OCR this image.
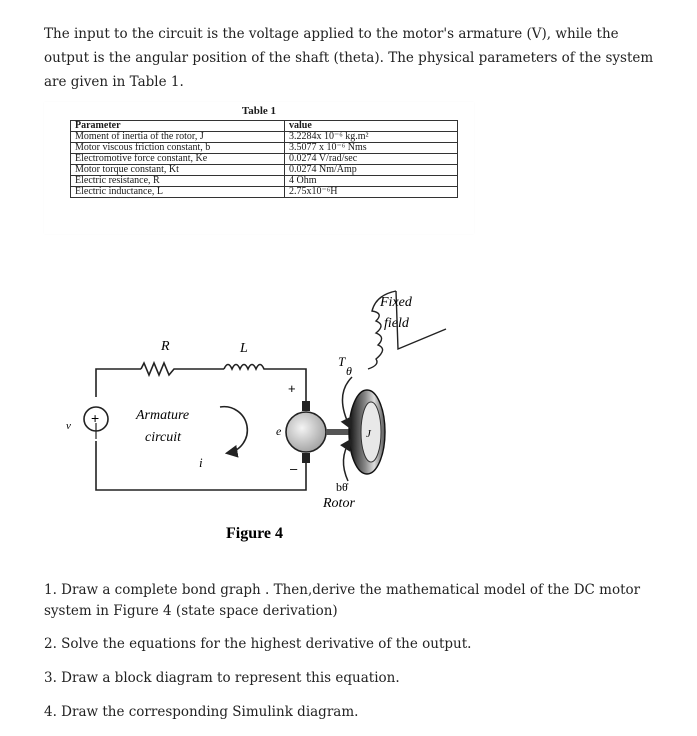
The input to the circuit is the voltage applied to the motor's armature (V), while the output is the angular position of the shaft (theta). The physical parameters of the system are given in Table 1.
Table 1
Parameter	value
Moment of inertia of the rotor, J	3.2284x 10⁻⁶ kg.m²
Motor viscous friction constant, b	3.5077 x 10⁻⁶ Nms
Electromotive force constant, Ke	0.0274 V/rad/sec
Motor torque constant, Kt	0.0274 Nm/Amp
Electric resistance, R	4 Ohm
Electric inductance, L	2.75x10⁻⁶H
+
v
R	L
Armature
circuit
i
+
e
–
J
T
θ
bθ̇
Rotor
Fixed
field
Figure 4

1. Draw a complete bond graph . Then,derive the mathematical model of the DC motor system in Figure 4 (state space derivation)

2. Solve the equations for the highest derivative of the output.

3. Draw a block diagram to represent this equation.

4. Draw the corresponding Simulink diagram.
